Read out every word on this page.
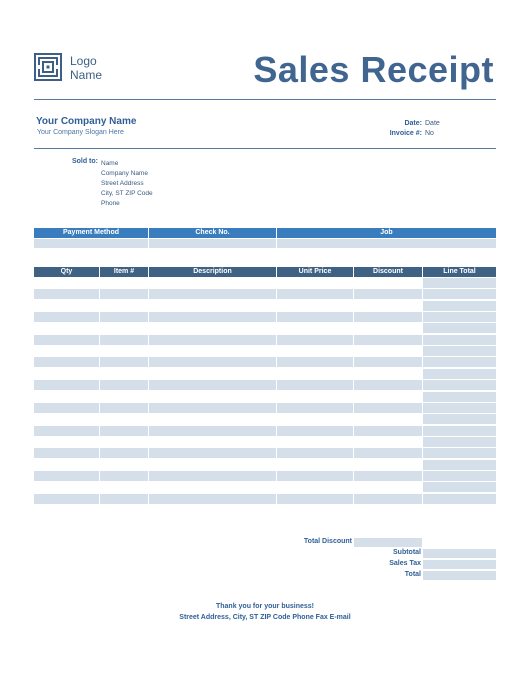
Logo
Name	Sales Receipt
Your Company Name
Your Company Slogan Here
Date: Date
Invoice #: No
Sold to: Name
Company Name
Street Address
City, ST ZIP Code
Phone
Payment Method	Check No.	Job
Qty	Item #	Description	Unit Price	Discount	Line Total
Total Discount
Subtotal
Sales Tax
Total
Thank you for your business!
Street Address, City, ST ZIP Code Phone Fax E-mail
